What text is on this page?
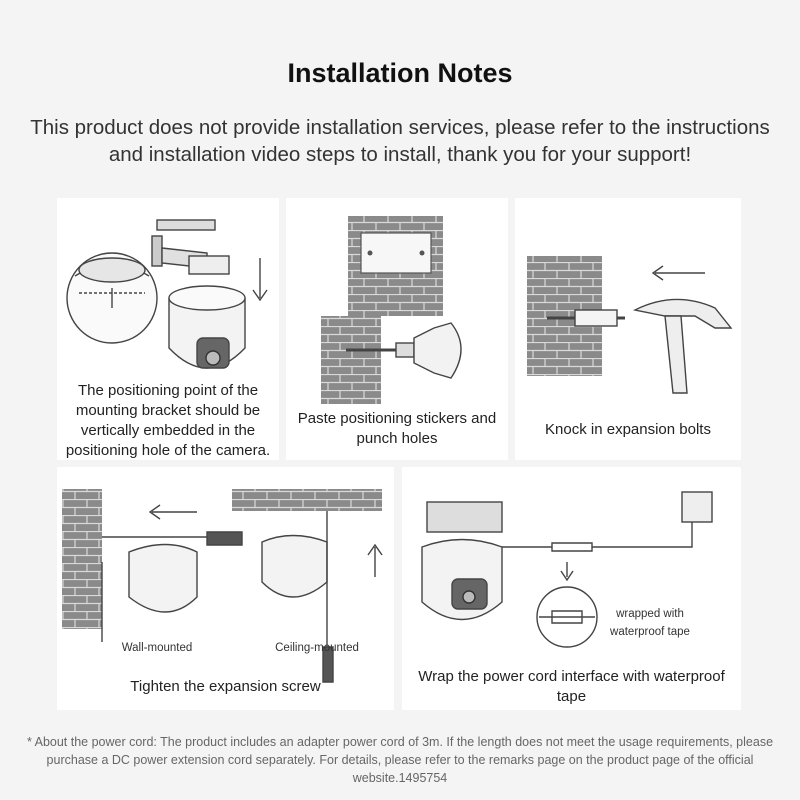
Installation Notes
This product does not provide installation services, please refer to the instructions and installation video steps to install, thank you for your support!
The positioning point of the mounting bracket should be vertically embedded in the positioning hole of the camera.
Paste positioning stickers and punch holes
Knock in expansion bolts
Wall-mounted	Ceiling-mounted
Tighten the expansion screw
wrapped with waterproof tape
Wrap the power cord interface with waterproof tape
* About the power cord: The product includes an adapter power cord of 3m. If the length does not meet the usage requirements, please purchase a DC power extension cord separately. For details, please refer to the remarks page on the product page of the official website.1495754
